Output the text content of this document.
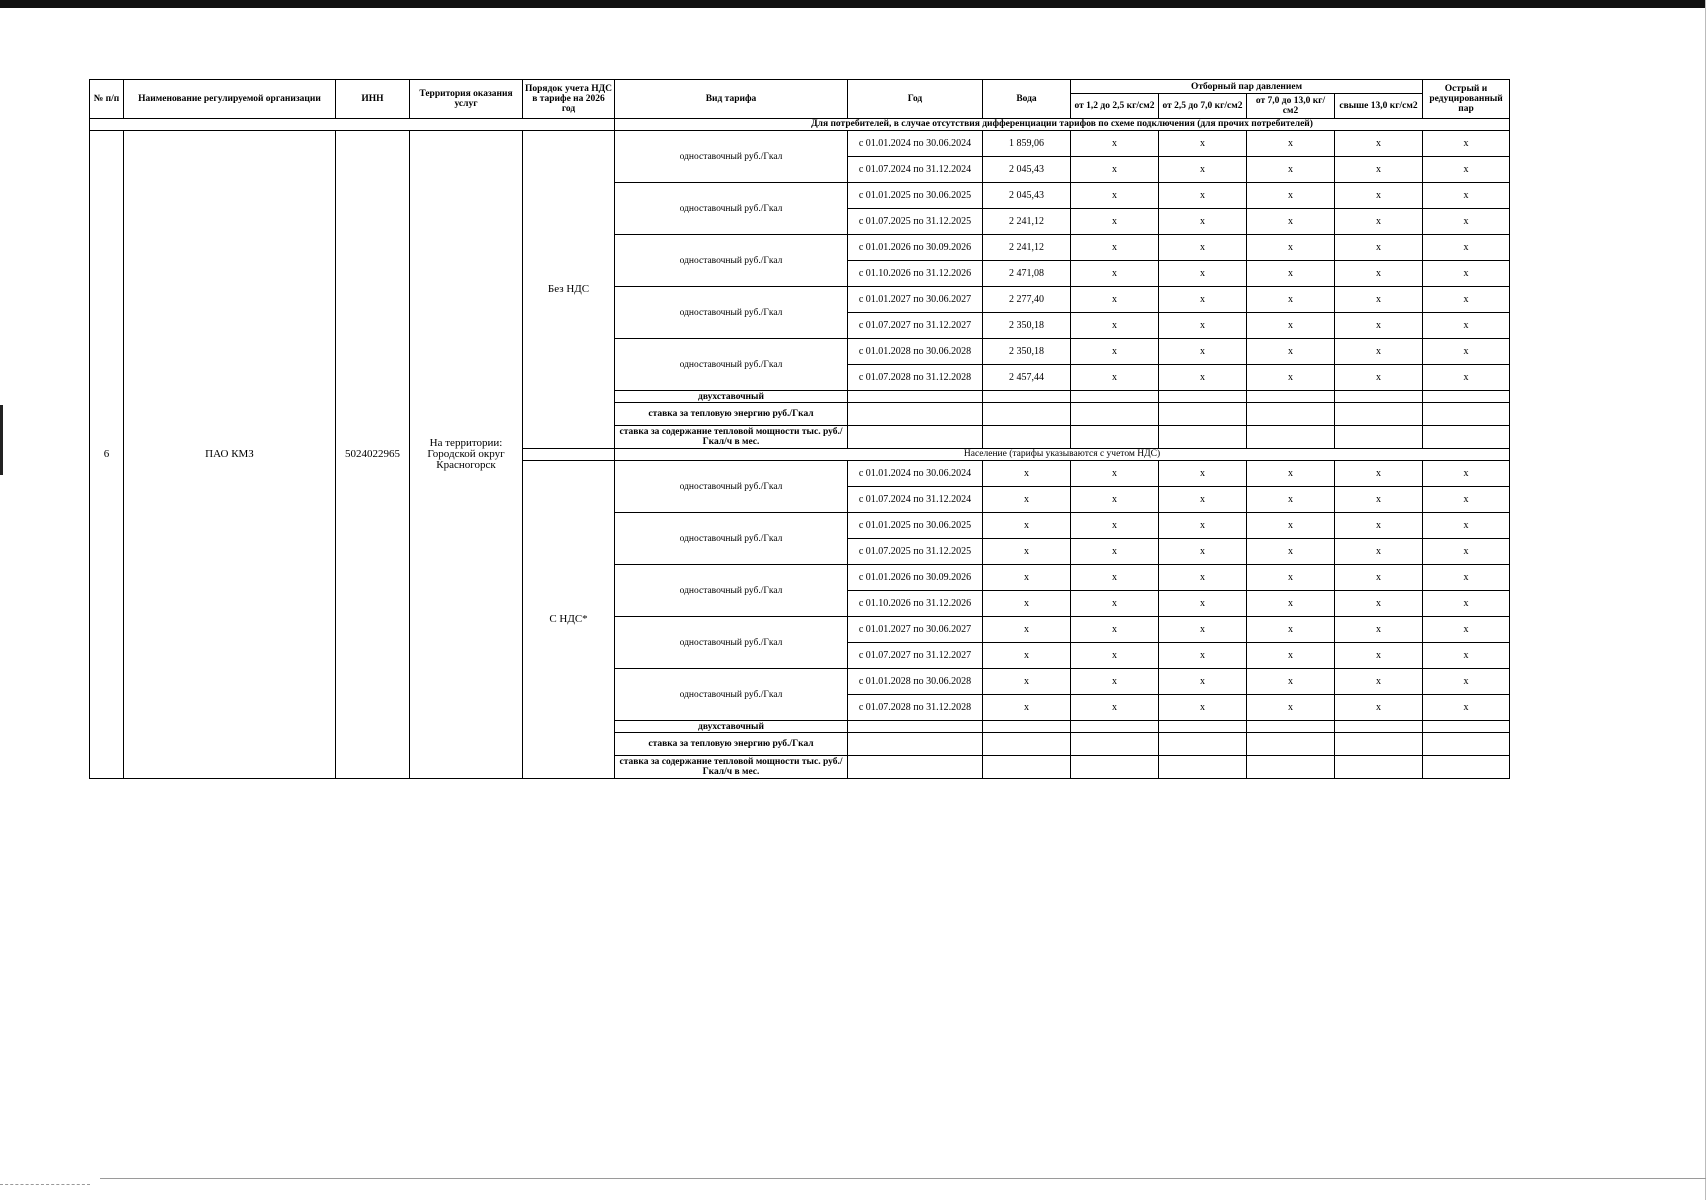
№ п/п	Наименование регулируемой организации	ИНН	Территория оказания услуг	Порядок учета НДС в тарифе на 2026 год	Вид тарифа	Год	Вода	Отборный пар давлением				Острый и редуцированный пар
								от 1,2 до 2,5 кг/см2	от 2,5 до 7,0 кг/см2	от 7,0 до 13,0 кг/см2	свыше 13,0 кг/см2	
					Для потребителей, в случае отсутствия дифференциации тарифов по схеме подключения (для прочих потребителей)							
6	ПАО КМЗ	5024022965	На территории: Городской округ Красногорск	Без НДС	одноставочный руб./Гкал	с 01.01.2024 по 30.06.2024	1 859,06	х	х	х	х	х
						с 01.07.2024 по 31.12.2024	2 045,43	х	х	х	х	х
					одноставочный руб./Гкал	с 01.01.2025 по 30.06.2025	2 045,43	х	х	х	х	х
						с 01.07.2025 по 31.12.2025	2 241,12	х	х	х	х	х
					одноставочный руб./Гкал	с 01.01.2026 по 30.09.2026	2 241,12	х	х	х	х	х
						с 01.10.2026 по 31.12.2026	2 471,08	х	х	х	х	х
					одноставочный руб./Гкал	с 01.01.2027 по 30.06.2027	2 277,40	х	х	х	х	х
						с 01.07.2027 по 31.12.2027	2 350,18	х	х	х	х	х
					одноставочный руб./Гкал	с 01.01.2028 по 30.06.2028	2 350,18	х	х	х	х	х
						с 01.07.2028 по 31.12.2028	2 457,44	х	х	х	х	х
					двухставочный							
					ставка за тепловую энергию руб./Гкал							
					ставка за содержание тепловой мощности тыс. руб./Гкал/ч в мес.							
					Население (тарифы указываются с учетом НДС)							
				С НДС*	одноставочный руб./Гкал	с 01.01.2024 по 30.06.2024	х	х	х	х	х	х
						с 01.07.2024 по 31.12.2024	х	х	х	х	х	х
					одноставочный руб./Гкал	с 01.01.2025 по 30.06.2025	х	х	х	х	х	х
						с 01.07.2025 по 31.12.2025	х	х	х	х	х	х
					одноставочный руб./Гкал	с 01.01.2026 по 30.09.2026	х	х	х	х	х	х
						с 01.10.2026 по 31.12.2026	х	х	х	х	х	х
					одноставочный руб./Гкал	с 01.01.2027 по 30.06.2027	х	х	х	х	х	х
						с 01.07.2027 по 31.12.2027	х	х	х	х	х	х
					одноставочный руб./Гкал	с 01.01.2028 по 30.06.2028	х	х	х	х	х	х
						с 01.07.2028 по 31.12.2028	х	х	х	х	х	х
					двухставочный							
					ставка за тепловую энергию руб./Гкал							
					ставка за содержание тепловой мощности тыс. руб./Гкал/ч в мес.							
